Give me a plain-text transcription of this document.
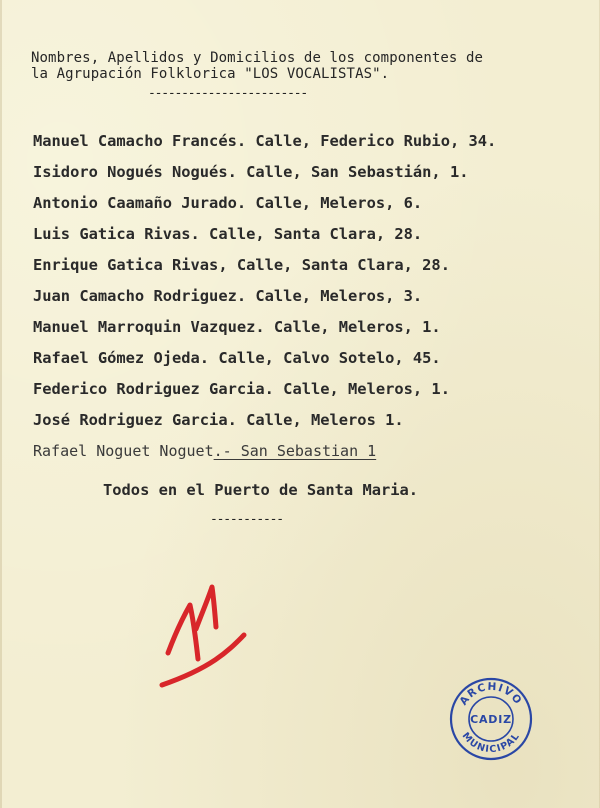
Nombres, Apellidos y Domicilios de los componentes de
la Agrupación Folklorica "LOS VOCALISTAS".
------------------------
Manuel Camacho Francés. Calle, Federico Rubio, 34.
Isidoro Nogués Nogués. Calle, San Sebastián, 1.
Antonio Caamaño Jurado. Calle, Meleros, 6.
Luis Gatica Rivas. Calle, Santa Clara, 28.
Enrique Gatica Rivas, Calle, Santa Clara, 28.
Juan Camacho Rodriguez. Calle, Meleros, 3.
Manuel Marroquin Vazquez. Calle, Meleros, 1.
Rafael Gómez Ojeda. Calle, Calvo Sotelo, 45.
Federico Rodriguez Garcia. Calle, Meleros, 1.
José Rodriguez Garcia. Calle, Meleros 1.
Rafael Noguet Noguet.- San Sebastian 1
Todos en el Puerto de Santa Maria.
-----------
ARCHIVO
CADIZ
MUNICIPAL
